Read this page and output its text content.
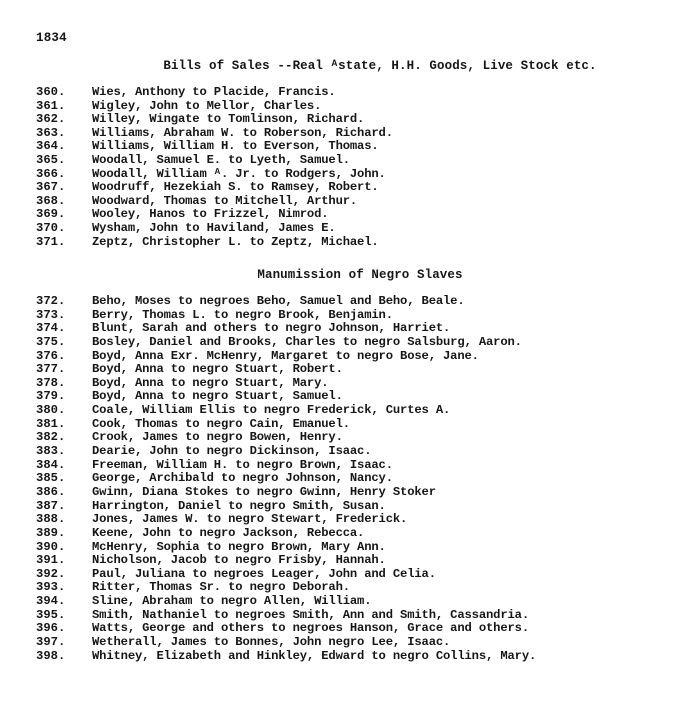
1834
Bills of Sales --Real ᴬstate, H.H. Goods, Live Stock etc.
360.	Wies, Anthony to Placide, Francis.
361.	Wigley, John to Mellor, Charles.
362.	Willey, Wingate to Tomlinson, Richard.
363.	Williams, Abraham W. to Roberson, Richard.
364.	Williams, William H. to Everson, Thomas.
365.	Woodall, Samuel E. to Lyeth, Samuel.
366.	Woodall, William ᴬ. Jr. to Rodgers, John.
367.	Woodruff, Hezekiah S. to Ramsey, Robert.
368.	Woodward, Thomas to Mitchell, Arthur.
369.	Wooley, Hanos to Frizzel, Nimrod.
370.	Wysham, John to Haviland, James E.
371.	Zeptz, Christopher L. to Zeptz, Michael.
Manumission of Negro Slaves
372.	Beho, Moses to negroes Beho, Samuel and Beho, Beale.
373.	Berry, Thomas L. to negro Brook, Benjamin.
374.	Blunt, Sarah and others to negro Johnson, Harriet.
375.	Bosley, Daniel and Brooks, Charles to negro Salsburg, Aaron.
376.	Boyd, Anna Exr. McHenry, Margaret to negro Bose, Jane.
377.	Boyd, Anna to negro Stuart, Robert.
378.	Boyd, Anna to negro Stuart, Mary.
379.	Boyd, Anna to negro Stuart, Samuel.
380.	Coale, William Ellis to negro Frederick, Curtes A.
381.	Cook, Thomas to negro Cain, Emanuel.
382.	Crook, James to negro Bowen, Henry.
383.	Dearie, John to negro Dickinson, Isaac.
384.	Freeman, William H. to negro Brown, Isaac.
385.	George, Archibald to negro Johnson, Nancy.
386.	Gwinn, Diana Stokes to negro Gwinn, Henry Stoker
387.	Harrington, Daniel to negro Smith, Susan.
388.	Jones, James W. to negro Stewart, Frederick.
389.	Keene, John to negro Jackson, Rebecca.
390.	McHenry, Sophia to negro Brown, Mary Ann.
391.	Nicholson, Jacob to negro Frisby, Hannah.
392.	Paul, Juliana to negroes Leager, John and Celia.
393.	Ritter, Thomas Sr. to negro Deborah.
394.	Sline, Abraham to negro Allen, William.
395.	Smith, Nathaniel to negroes Smith, Ann and Smith, Cassandria.
396.	Watts, George and others to negroes Hanson, Grace and others.
397.	Wetherall, James to Bonnes, John negro Lee, Isaac.
398.	Whitney, Elizabeth and Hinkley, Edward to negro Collins, Mary.
